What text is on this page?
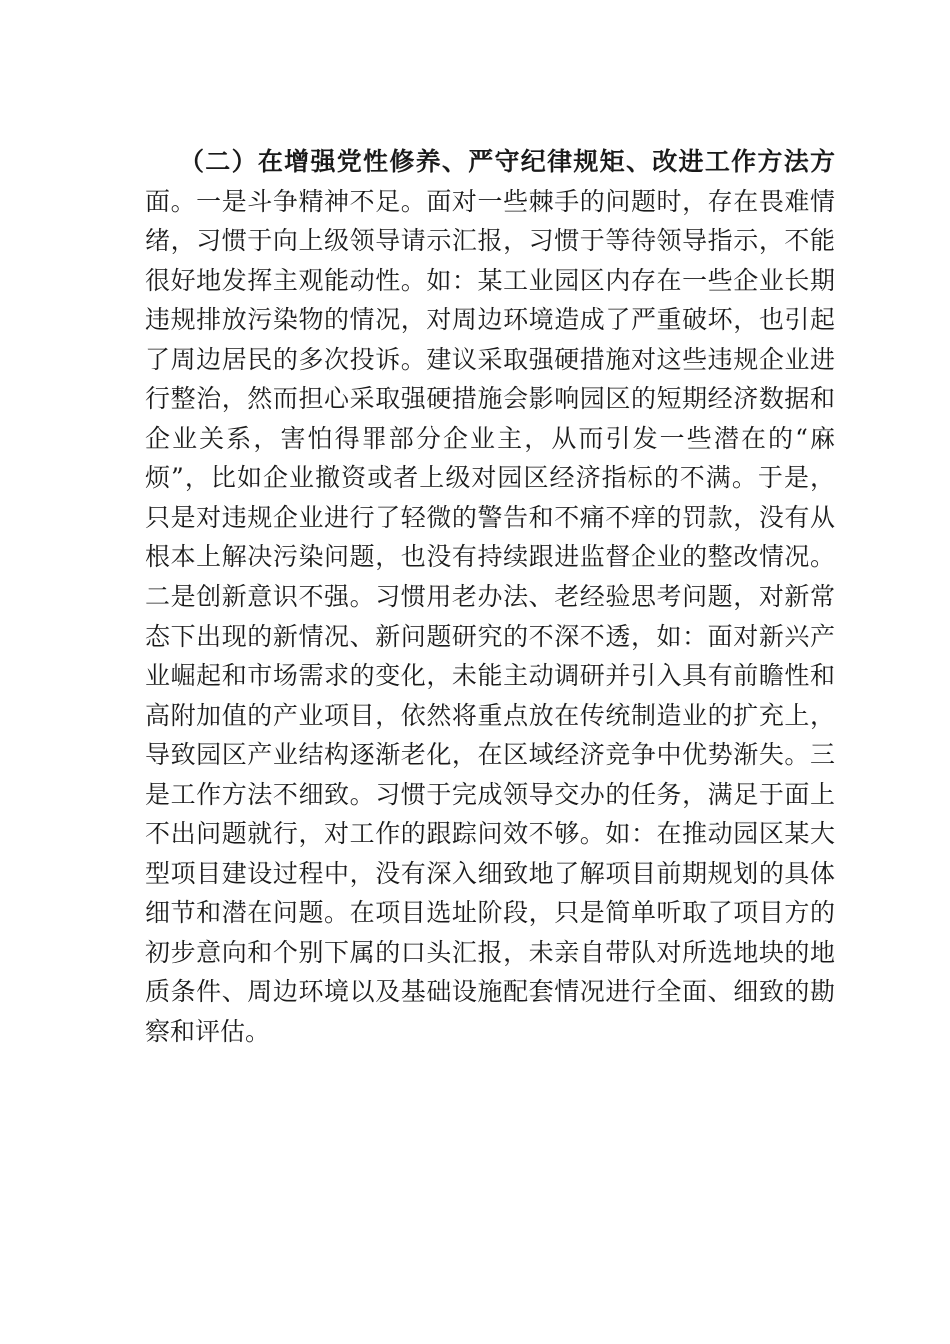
（二）在增强党性修养、严守纪律规矩、改进工作方法方
面。一是斗争精神不足。面对一些棘手的问题时，存在畏难情
绪，习惯于向上级领导请示汇报，习惯于等待领导指示，不能
很好地发挥主观能动性。如：某工业园区内存在一些企业长期
违规排放污染物的情况，对周边环境造成了严重破坏，也引起
了周边居民的多次投诉。建议采取强硬措施对这些违规企业进
行整治，然而担心采取强硬措施会影响园区的短期经济数据和
企业关系，害怕得罪部分企业主，从而引发一些潜在的“麻
烦”，比如企业撤资或者上级对园区经济指标的不满。于是，
只是对违规企业进行了轻微的警告和不痛不痒的罚款，没有从
根本上解决污染问题，也没有持续跟进监督企业的整改情况。
二是创新意识不强。习惯用老办法、老经验思考问题，对新常
态下出现的新情况、新问题研究的不深不透，如：面对新兴产
业崛起和市场需求的变化，未能主动调研并引入具有前瞻性和
高附加值的产业项目，依然将重点放在传统制造业的扩充上，
导致园区产业结构逐渐老化，在区域经济竞争中优势渐失。三
是工作方法不细致。习惯于完成领导交办的任务，满足于面上
不出问题就行，对工作的跟踪问效不够。如：在推动园区某大
型项目建设过程中，没有深入细致地了解项目前期规划的具体
细节和潜在问题。在项目选址阶段，只是简单听取了项目方的
初步意向和个别下属的口头汇报，未亲自带队对所选地块的地
质条件、周边环境以及基础设施配套情况进行全面、细致的勘
察和评估。
